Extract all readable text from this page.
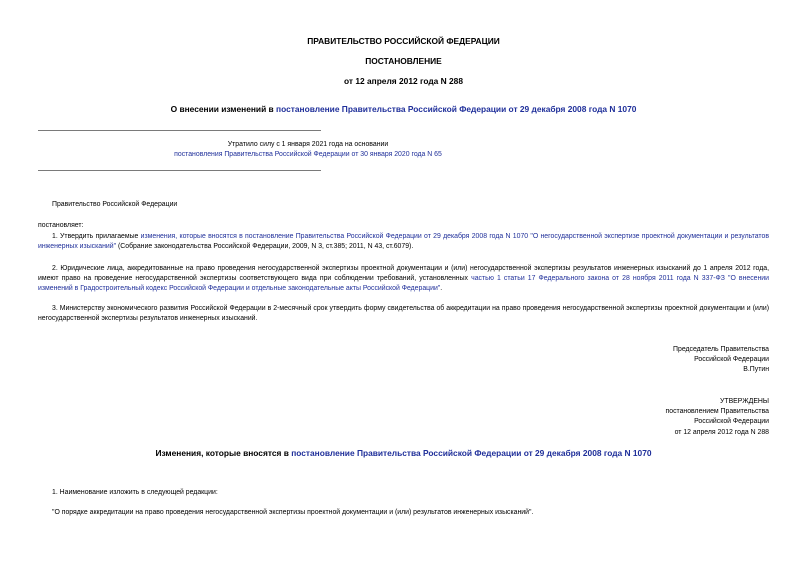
ПРАВИТЕЛЬСТВО РОССИЙСКОЙ ФЕДЕРАЦИИ
ПОСТАНОВЛЕНИЕ
от 12 апреля 2012 года N 288
О внесении изменений в постановление Правительства Российской Федерации от 29 декабря 2008 года N 1070
Утратило силу с 1 января 2021 года на основании
постановления Правительства Российской Федерации от 30 января 2020 года N 65
Правительство Российской Федерации
постановляет:
1. Утвердить прилагаемые изменения, которые вносятся в постановление Правительства Российской Федерации от 29 декабря 2008 года N 1070 "О негосударственной экспертизе проектной документации и результатов инженерных изысканий" (Собрание законодательства Российской Федерации, 2009, N 3, ст.385; 2011, N 43, ст.6079).
2. Юридические лица, аккредитованные на право проведения негосударственной экспертизы проектной документации и (или) негосударственной экспертизы результатов инженерных изысканий до 1 апреля 2012 года, имеют право на проведение негосударственной экспертизы соответствующего вида при соблюдении требований, установленных частью 1 статьи 17 Федерального закона от 28 ноября 2011 года N 337-ФЗ "О внесении изменений в Градостроительный кодекс Российской Федерации и отдельные законодательные акты Российской Федерации".
3. Министерству экономического развития Российской Федерации в 2-месячный срок утвердить форму свидетельства об аккредитации на право проведения негосударственной экспертизы проектной документации и (или) негосударственной экспертизы результатов инженерных изысканий.
Председатель Правительства
Российской Федерации
В.Путин
УТВЕРЖДЕНЫ
постановлением Правительства
Российской Федерации
от 12 апреля 2012 года N 288
Изменения, которые вносятся в постановление Правительства Российской Федерации от 29 декабря 2008 года N 1070
1. Наименование изложить в следующей редакции:
"О порядке аккредитации на право проведения негосударственной экспертизы проектной документации и (или) результатов инженерных изысканий".
